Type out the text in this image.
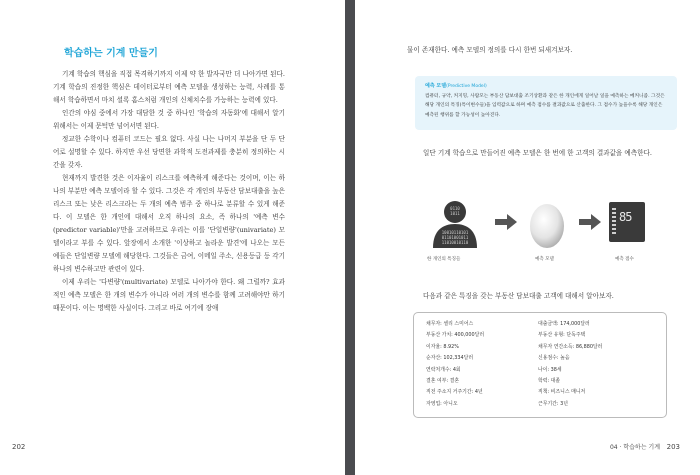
학습하는 기계 만들기

기계 학습의 핵심을 직접 목격하기까지 이제 약 한 발자국만 더 나아가면 된다. 기계 학습의 진정한 핵심은 데이터로부터 예측 모델을 생성하는 능력, 사례를 통해서 학습하면서 마치 셜록 홈스처럼 개인의 신체치수를 가능하는 능력에 있다.

인간의 야심 중에서 가장 대담한 것 중 하나인 '학습의 자동화'에 대해서 알기 위해서는 이제 문턱만 넘어서면 된다.

정교한 수학이나 컴퓨터 코드는 필요 없다. 사실 나는 나머지 부분을 단 두 단어로 설명할 수 있다. 하지만 우선 당면한 과학적 도전과제를 충분히 정의하는 시간을 갖자.

현재까지 발견한 것은 이자율이 리스크를 예측하게 해준다는 것이며, 이는 하나의 부분만 예측 모델이라 할 수 있다. 그것은 각 개인의 부동산 담보대출을 높은 리스크 또는 낮은 리스크라는 두 개의 예측 범주 중 하나로 분류할 수 있게 해준다. 이 모델은 한 개인에 대해서 오직 하나의 요소, 즉 하나의 '예측 변수(predictor variable)'만을 고려하므로 우리는 이를 '단일변량'(univariate) 모델이라고 부를 수 있다. 앞장에서 소개한 '이상하고 놀라운 발견'에 나오는 모든 예들은 단일변량 모델에 해당한다. 그것들은 금여, 이메일 주소, 신용등급 등 각기 하나의 변수하고만 관련이 있다.

이제 우리는 '다변량'(multivariate) 모델로 나아가야 한다. 왜 그럴까? 효과적인 예측 모델은 한 개의 변수가 아니라 여러 개의 변수를 함께 고려해야만 하기 때문이다. 이는 명백한 사실이다. 그리고 바로 여기에 장애

202

물이 존재한다. 예측 모델의 정의를 다시 한번 되새겨보자.

예측 모델(Predictive Model)
컴퓨터, 규약, 커지밍, 사람모는 부동산 담보대출 조기상환과 같은 한 개인에게 일어날 일을 예측하는 메커니즘. 그것은 해당 개인의 특징(특이변수들)을 입력값으로 하며 예측 점수를 결과값으로 산출한다. 그 점수가 높을수록 해당 개인은 예측된 행위를 할 가능성이 높아진다.

일단 기계 학습으로 만들어진 예측 모델은 한 번에 한 고객의 결과값을 예측한다.

0110
1011
10010110101
01101001011
11010010110
한 개인의 특징들	예측 모델
85
예측 점수

다음과 같은 특징을 갖는 부동산 담보대출 고객에 대해서 알아보자.

채무자: 셀리 스미어스
부동산 가치: 400,000달러
이자율: 8.92%
순자산: 102,334달러
연락처개수: 4회
결혼 여부: 결혼
직전 주소지 거주기간: 4년
자영업: 아니오
대출금액: 174,000달러
부동산 유형: 단독주택
채무자 연간소득: 86,880달러
신용점수: 높음
나이: 38세
학력: 대졸
직책: 비즈니스 매니저
근무기간: 3년
04 · 학습하는 기계 203
